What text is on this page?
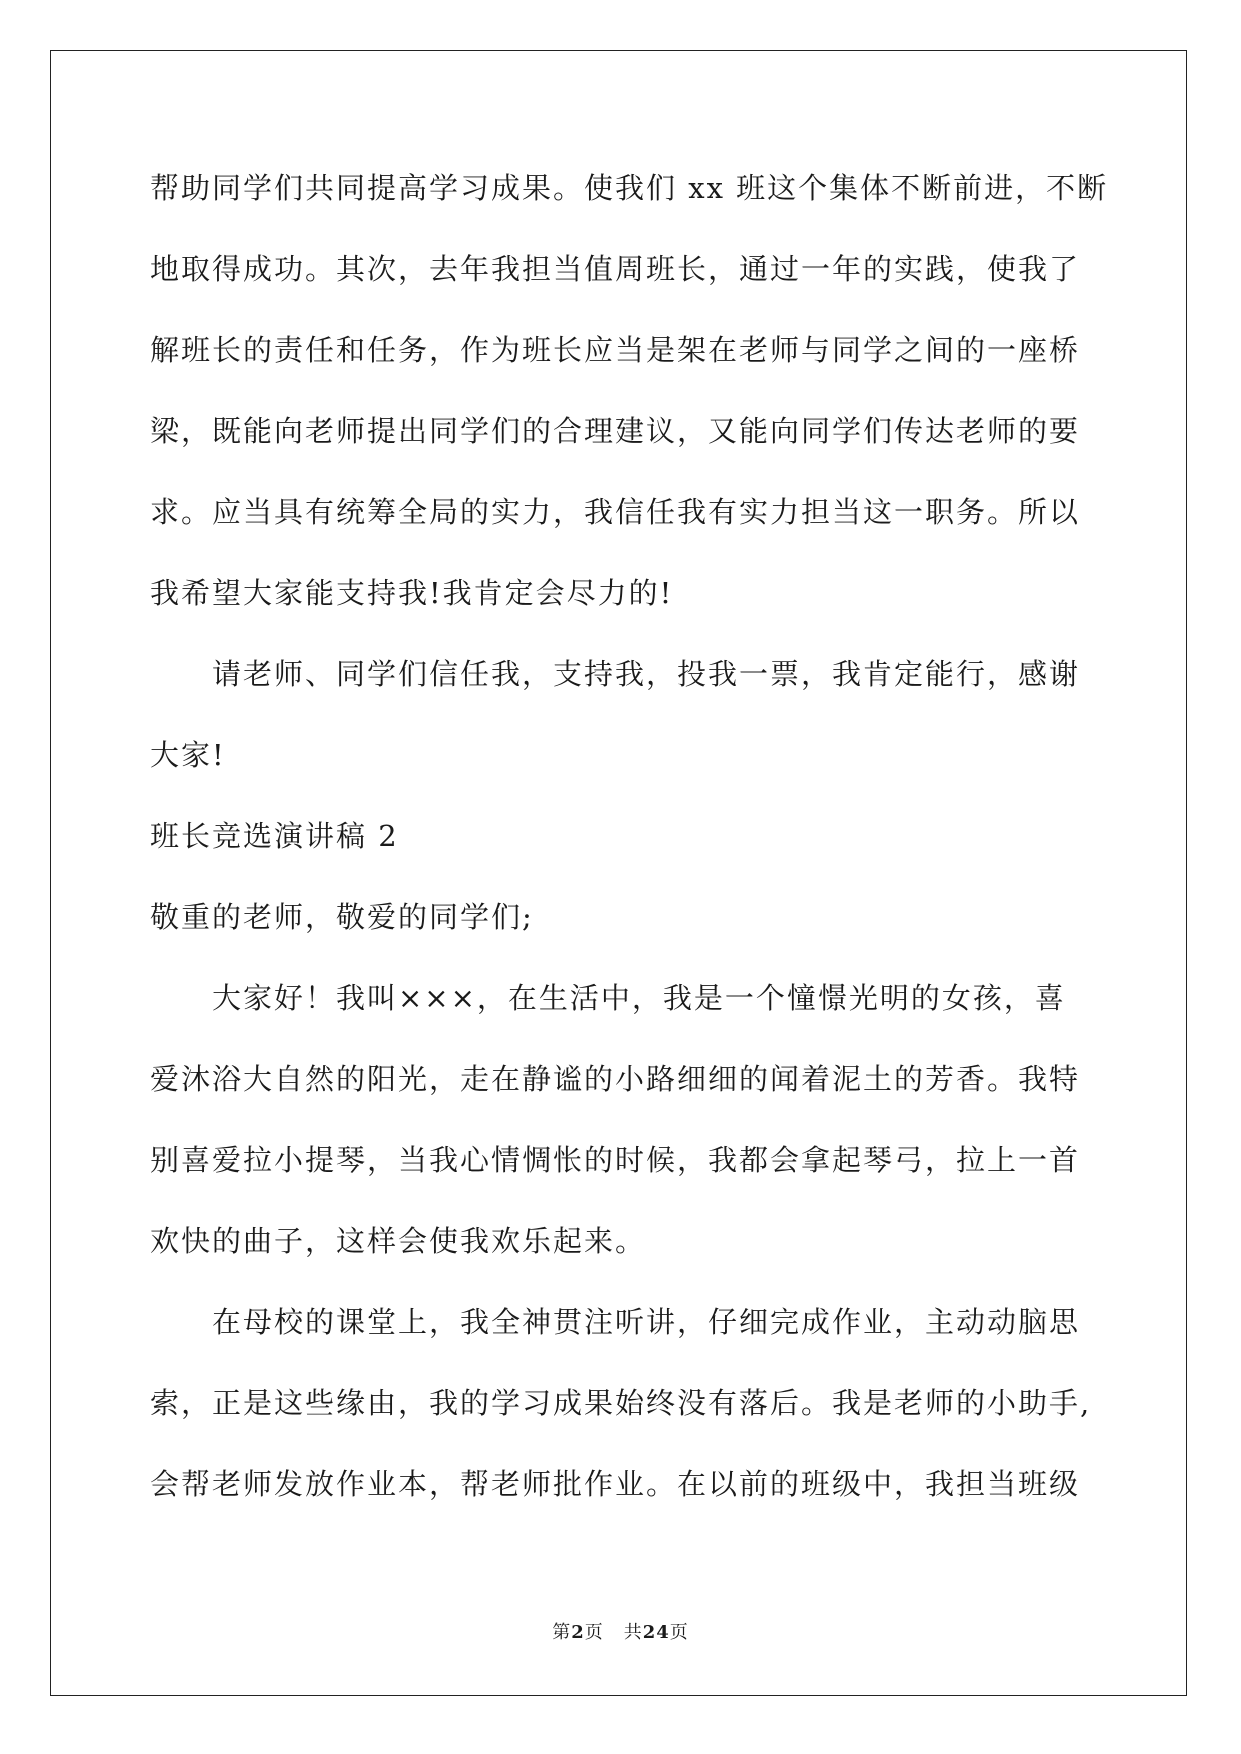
帮助同学们共同提高学习成果。使我们 xx 班这个集体不断前进，不断
地取得成功。其次，去年我担当值周班长，通过一年的实践，使我了
解班长的责任和任务，作为班长应当是架在老师与同学之间的一座桥
梁，既能向老师提出同学们的合理建议，又能向同学们传达老师的要
求。应当具有统筹全局的实力，我信任我有实力担当这一职务。所以
我希望大家能支持我!我肯定会尽力的!
请老师、同学们信任我，支持我，投我一票，我肯定能行，感谢
大家!
班长竞选演讲稿 2
敬重的老师，敬爱的同学们;
大家好！我叫×××，在生活中，我是一个憧憬光明的女孩，喜
爱沐浴大自然的阳光，走在静谧的小路细细的闻着泥土的芳香。我特
别喜爱拉小提琴，当我心情惆怅的时候，我都会拿起琴弓，拉上一首
欢快的曲子，这样会使我欢乐起来。
在母校的课堂上，我全神贯注听讲，仔细完成作业，主动动脑思
索，正是这些缘由，我的学习成果始终没有落后。我是老师的小助手,
会帮老师发放作业本，帮老师批作业。在以前的班级中，我担当班级
第2页 共24页
